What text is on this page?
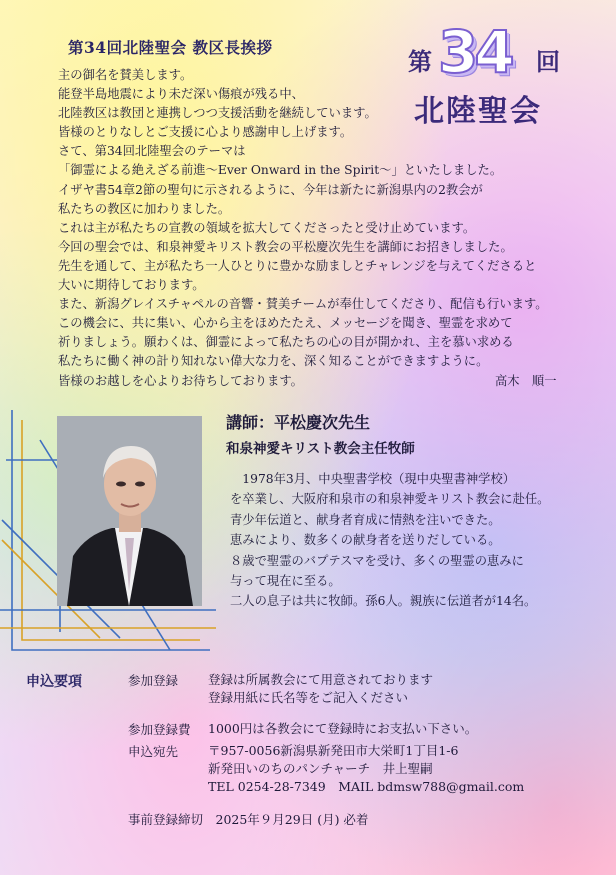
第34回北陸聖会 教区長挨拶	第 34 回
北陸聖会
主の御名を賛美します。
能登半島地震により未だ深い傷痕が残る中、
北陸教区は教団と連携しつつ支援活動を継続しています。
皆様のとりなしとご支援に心より感謝申し上げます。
さて、第34回北陸聖会のテーマは
「御霊による絶えざる前進～Ever Onward in the Spirit～」といたしました。
イザヤ書54章2節の聖句に示されるように、今年は新たに新潟県内の2教会が
私たちの教区に加わりました。
これは主が私たちの宣教の領域を拡大してくださったと受け止めています。
今回の聖会では、和泉神愛キリスト教会の平松慶次先生を講師にお招きしました。
先生を通して、主が私たち一人ひとりに豊かな励ましとチャレンジを与えてくださると
大いに期待しております。
また、新潟グレイスチャペルの音響・賛美チームが奉仕してくださり、配信も行います。
この機会に、共に集い、心から主をほめたたえ、メッセージを聞き、聖霊を求めて
祈りましょう。願わくは、御霊によって私たちの心の目が開かれ、主を慕い求める
私たちに働く神の計り知れない偉大な力を、深く知ることができますように。
皆様のお越しを心よりお待ちしております。	高木　順一
講師：平松慶次先生
和泉神愛キリスト教会主任牧師
　1978年3月、中央聖書学校（現中央聖書神学校）
を卒業し、大阪府和泉市の和泉神愛キリスト教会に赴任。
青少年伝道と、献身者育成に情熱を注いできた。
恵みにより、数多くの献身者を送りだしている。
８歳で聖霊のバプテスマを受け、多くの聖霊の恵みに
与って現在に至る。
二人の息子は共に牧師。孫6人。親族に伝道者が14名。
申込要項	参加登録 登録は所属教会にて用意されております
登録用紙に氏名等をご記入ください
参加登録費 1000円は各教会にて登録時にお支払い下さい。
申込宛先 〒957-0056新潟県新発田市大栄町1丁目1-6
新発田いのちのパンチャーチ　井上聖嗣
TEL 0254-28-7349　MAIL bdmsw788@gmail.com
事前登録締切　2025年９月29日 (月) 必着
